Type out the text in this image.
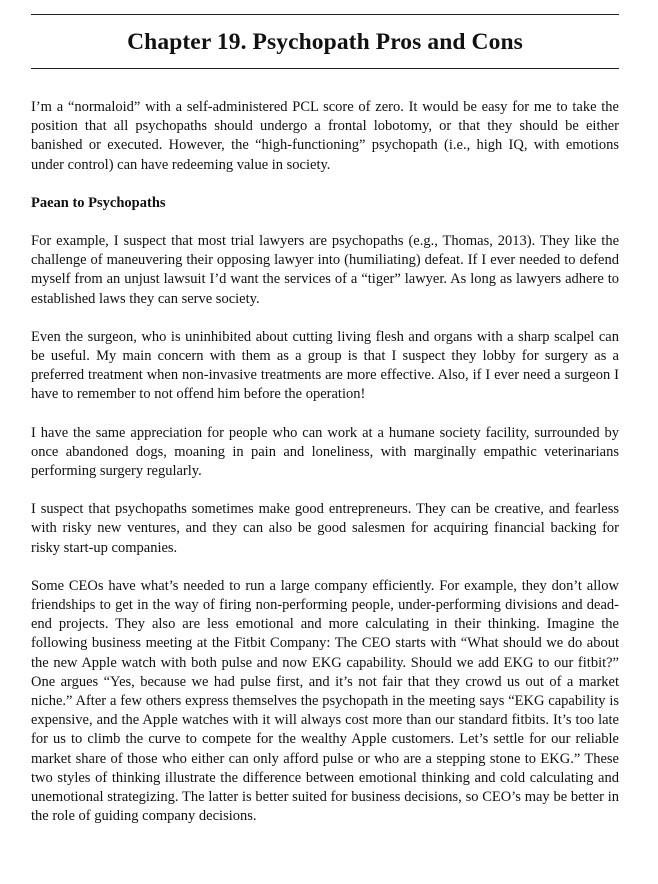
Chapter 19. Psychopath Pros and Cons

I’m a “normaloid” with a self-administered PCL score of zero. It would be easy for me to take the position that all psychopaths should undergo a frontal lobotomy, or that they should be either banished or executed. However, the “high-functioning” psychopath (i.e., high IQ, with emotions under control) can have redeeming value in society.

Paean to Psychopaths

For example, I suspect that most trial lawyers are psychopaths (e.g., Thomas, 2013). They like the challenge of maneuvering their opposing lawyer into (humiliating) defeat. If I ever needed to defend myself from an unjust lawsuit I’d want the services of a “tiger” lawyer. As long as lawyers adhere to established laws they can serve society.

Even the surgeon, who is uninhibited about cutting living flesh and organs with a sharp scalpel can be useful. My main concern with them as a group is that I suspect they lobby for surgery as a preferred treatment when non-invasive treatments are more effective. Also, if I ever need a surgeon I have to remember to not offend him before the operation!

I have the same appreciation for people who can work at a humane society facility, surrounded by once abandoned dogs, moaning in pain and loneliness, with marginally empathic veterinarians performing surgery regularly.

I suspect that psychopaths sometimes make good entrepreneurs. They can be creative, and fearless with risky new ventures, and they can also be good salesmen for acquiring financial backing for risky start-up companies.

Some CEOs have what’s needed to run a large company efficiently. For example, they don’t allow friendships to get in the way of firing non-performing people, under-performing divisions and dead-end projects. They also are less emotional and more calculating in their thinking. Imagine the following business meeting at the Fitbit Company: The CEO starts with “What should we do about the new Apple watch with both pulse and now EKG capability. Should we add EKG to our fitbit?” One argues “Yes, because we had pulse first, and it’s not fair that they crowd us out of a market niche.” After a few others express themselves the psychopath in the meeting says “EKG capability is expensive, and the Apple watches with it will always cost more than our standard fitbits. It’s too late for us to climb the curve to compete for the wealthy Apple customers. Let’s settle for our reliable market share of those who either can only afford pulse or who are a stepping stone to EKG.” These two styles of thinking illustrate the difference between emotional thinking and cold calculating and unemotional strategizing. The latter is better suited for business decisions, so CEO’s may be better in the role of guiding company decisions.
